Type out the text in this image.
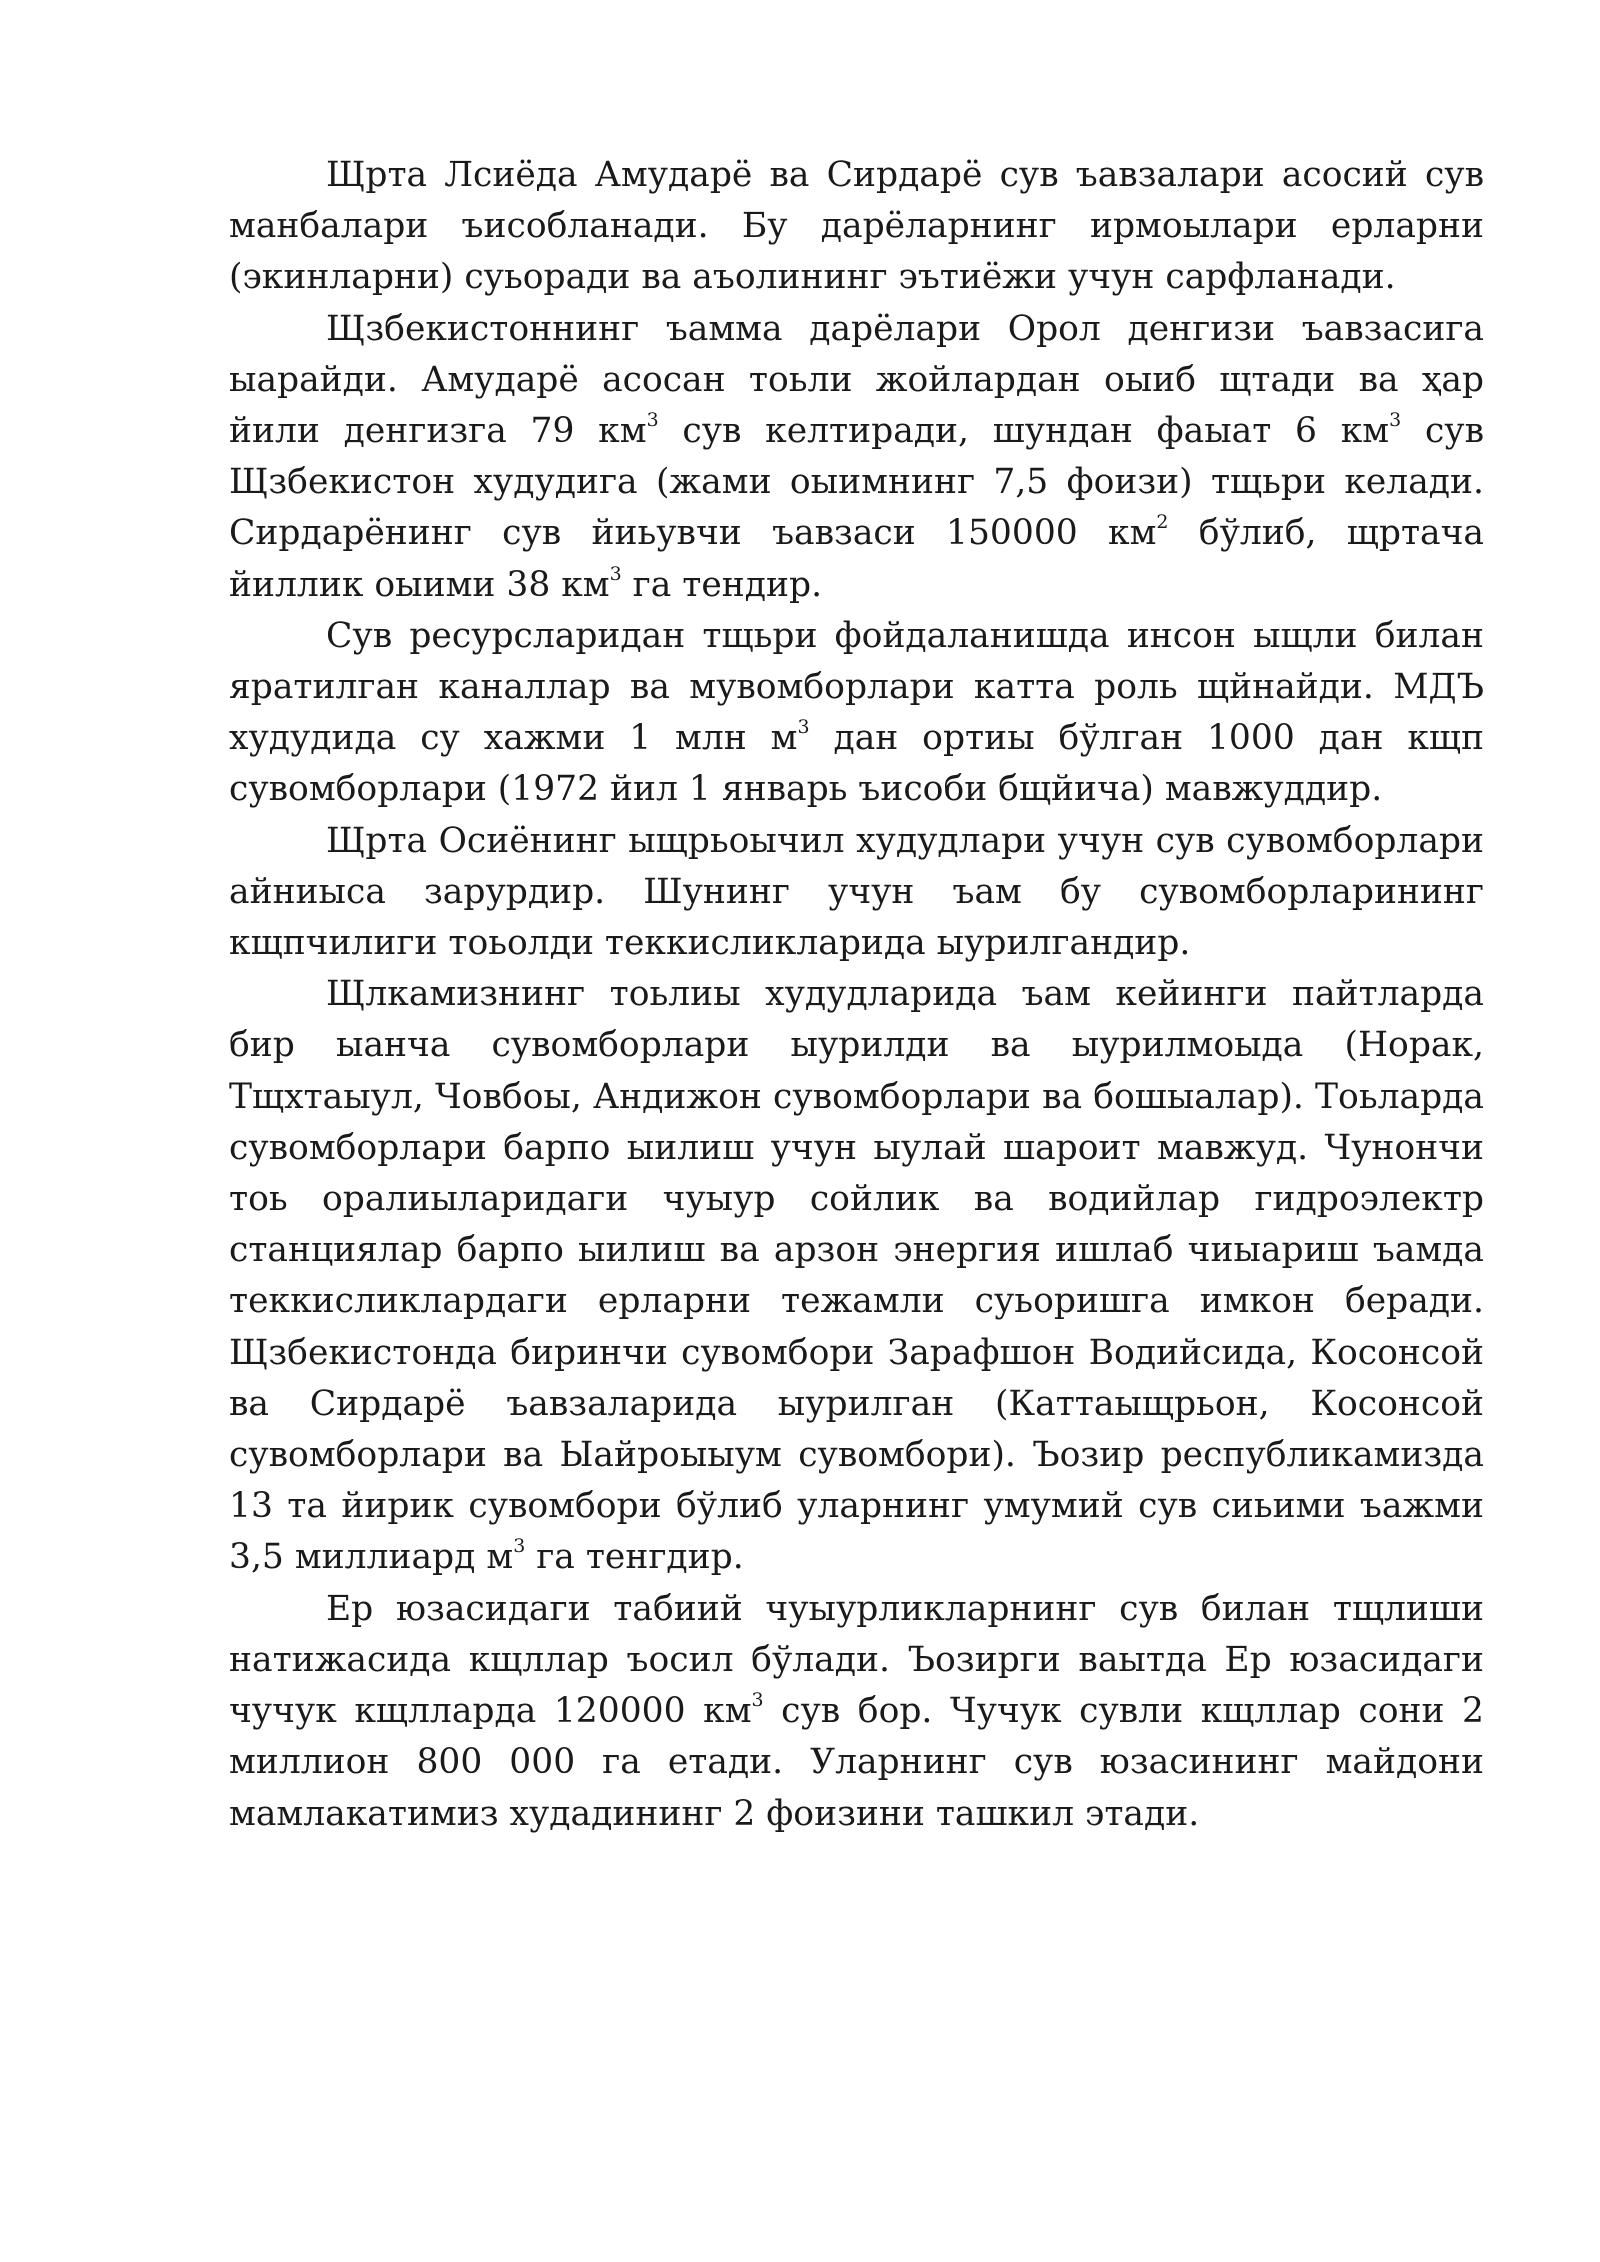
Щрта Лсиёда Амударё ва Сирдарё сув ъавзалари асосий сув манбалари ъисобланади. Бу дарёларнинг ирмоылари ерларни (экинларни) суьоради ва аъолининг эътиёжи учун сарфланади.

Щзбекистоннинг ъамма дарёлари Орол денгизи ъавзасига ыарайди. Амударё асосан тоьли жойлардан оыиб щтади ва ҳар йили денгизга 79 $км^3$ сув келтиради, шундан фаыат 6 $км^3$ сув Щзбекистон худудига (жами оыимнинг 7,5 фоизи) тщьри келади. Сирдарёнинг сув йиьувчи ъавзаси 150000 $км^2$ бўлиб, щртача йиллик оыими 38 $км^3$ га тендир.

Сув ресурсларидан тщьри фойдаланишда инсон ыщли билан яратилган каналлар ва мувомборлари катта роль щйнайди. МДЪ худудида су хажми 1 млн $м^3$ дан ортиы бўлган 1000 дан кщп сувомборлари (1972 йил 1 январь ъисоби бщйича) мавжуддир.

Щрта Осиёнинг ыщрьоычил худудлари учун сув сувомборлари айниыса зарурдир. Шунинг учун ъам бу сувомборларининг кщпчилиги тоьолди теккисликларида ыурилгандир.

Щлкамизнинг тоьлиы худудларида ъам кейинги пайтларда бир ыанча сувомборлари ыурилди ва ыурилмоыда (Норак, Тщхтаыул, Човбоы, Андижон сувомборлари ва бошыалар). Тоьларда сувомборлари барпо ыилиш учун ыулай шароит мавжуд. Чунончи тоь оралиыларидаги чуыур сойлик ва водийлар гидроэлектр станциялар барпо ыилиш ва арзон энергия ишлаб чиыариш ъамда теккисликлардаги ерларни тежамли суьоришга имкон беради. Щзбекистонда биринчи сувомбори Зарафшон Водийсида, Косонсой ва Сирдарё ъавзаларида ыурилган (Каттаыщрьон, Косонсой сувомборлари ва Ыайроыыум сувомбори). Ъозир республикамизда 13 та йирик сувомбори бўлиб уларнинг умумий сув сиьими ъажми 3,5 миллиард $м^3$ га тенгдир.

Ер юзасидаги табиий чуыурликларнинг сув билан тщлиши натижасида кщллар ъосил бўлади. Ъозирги ваытда Ер юзасидаги чучук кщлларда 120000 $км^3$ сув бор. Чучук сувли кщллар сони 2 миллион 800 000 га етади. Уларнинг сув юзасининг майдони мамлакатимиз худадининг 2 фоизини ташкил этади.
